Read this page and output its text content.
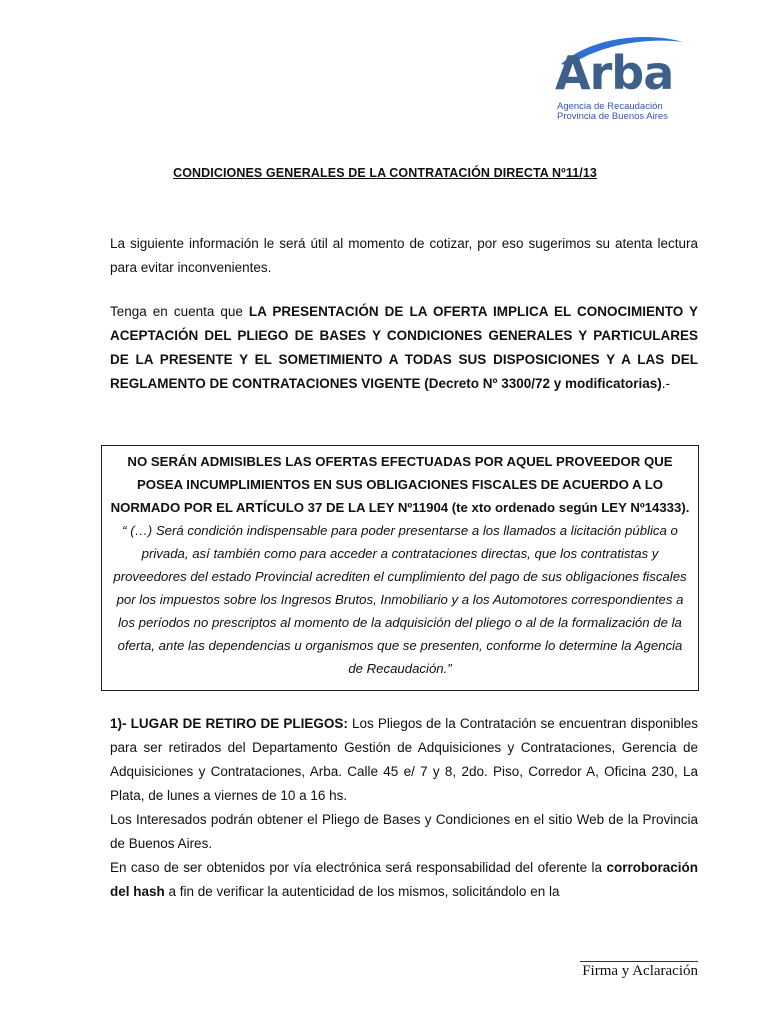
Arba
Agencia de Recaudación
Provincia de Buenos Aires
CONDICIONES GENERALES DE LA CONTRATACIÓN DIRECTA Nº11/13

La siguiente información le será útil al momento de cotizar, por eso sugerimos su atenta lectura para evitar inconvenientes.

Tenga en cuenta que LA PRESENTACIÓN DE LA OFERTA IMPLICA EL CONOCIMIENTO Y ACEPTACIÓN DEL PLIEGO DE BASES Y CONDICIONES GENERALES Y PARTICULARES DE LA PRESENTE Y EL SOMETIMIENTO A TODAS SUS DISPOSICIONES Y A LAS DEL REGLAMENTO DE CONTRATACIONES VIGENTE (Decreto Nº 3300/72 y modificatorias).-

NO SERÁN ADMISIBLES LAS OFERTAS EFECTUADAS POR AQUEL PROVEEDOR QUE POSEA INCUMPLIMIENTOS EN SUS OBLIGACIONES FISCALES DE ACUERDO A LO NORMADO POR EL ARTÍCULO 37 DE LA LEY Nº11904 (te xto ordenado según LEY Nº14333). “ (…) Será condición indispensable para poder presentarse a los llamados a licitación pública o privada, así también como para acceder a contrataciones directas, que los contratistas y proveedores del estado Provincial acrediten el cumplimiento del pago de sus obligaciones fiscales por los impuestos sobre los Ingresos Brutos, Inmobiliario y a los Automotores correspondientes a los períodos no prescriptos al momento de la adquisición del pliego o al de la formalización de la oferta, ante las dependencias u organismos que se presenten, conforme lo determine la Agencia de Recaudación.”

1)- LUGAR DE RETIRO DE PLIEGOS: Los Pliegos de la Contratación se encuentran disponibles para ser retirados del Departamento Gestión de Adquisiciones y Contrataciones, Gerencia de Adquisiciones y Contrataciones, Arba. Calle 45 e/ 7 y 8, 2do. Piso, Corredor A, Oficina 230, La Plata, de lunes a viernes de 10 a 16 hs.

Los Interesados podrán obtener el Pliego de Bases y Condiciones en el sitio Web de la Provincia de Buenos Aires.

En caso de ser obtenidos por vía electrónica será responsabilidad del oferente la corroboración del hash a fin de verificar la autenticidad de los mismos, solicitándolo en la

Firma y Aclaración
